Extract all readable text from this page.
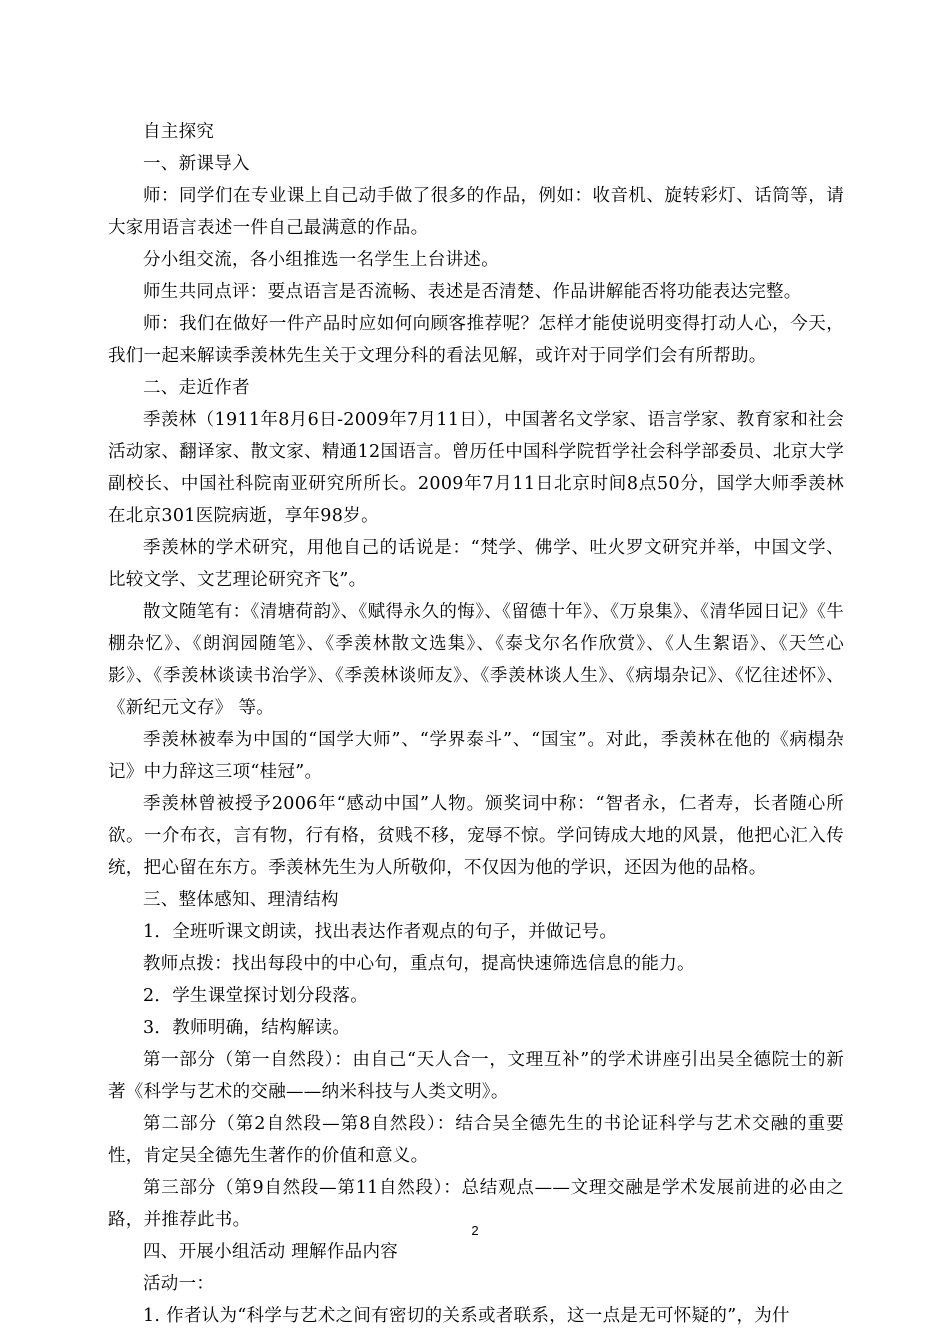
自主探究

一、新课导入

师：同学们在专业课上自己动手做了很多的作品，例如：收音机、旋转彩灯、话筒等，请大家用语言表述一件自己最满意的作品。

分小组交流，各小组推选一名学生上台讲述。

师生共同点评：要点语言是否流畅、表述是否清楚、作品讲解能否将功能表达完整。

师：我们在做好一件产品时应如何向顾客推荐呢？怎样才能使说明变得打动人心，今天，我们一起来解读季羡林先生关于文理分科的看法见解，或许对于同学们会有所帮助。

二、走近作者

季羡林（1911年8月6日-2009年7月11日），中国著名文学家、语言学家、教育家和社会活动家、翻译家、散文家、精通12国语言。曾历任中国科学院哲学社会科学部委员、北京大学副校长、中国社科院南亚研究所所长。2009年7月11日北京时间8点50分，国学大师季羡林在北京301医院病逝，享年98岁。

季羡林的学术研究，用他自己的话说是：“梵学、佛学、吐火罗文研究并举，中国文学、比较文学、文艺理论研究齐飞”。

散文随笔有：《清塘荷韵》、《赋得永久的悔》、《留德十年》、《万泉集》、《清华园日记》《牛棚杂忆》、《朗润园随笔》、《季羡林散文选集》、《泰戈尔名作欣赏》、《人生絮语》、《天竺心影》、《季羡林谈读书治学》、《季羡林谈师友》、《季羡林谈人生》、《病塌杂记》、《忆往述怀》、《新纪元文存》 等。

季羡林被奉为中国的“国学大师”、“学界泰斗”、“国宝”。对此，季羡林在他的《病榻杂记》中力辞这三项“桂冠”。

季羡林曾被授予2006年“感动中国”人物。颁奖词中称：“智者永，仁者寿，长者随心所欲。一介布衣，言有物，行有格，贫贱不移，宠辱不惊。学问铸成大地的风景，他把心汇入传统，把心留在东方。季羡林先生为人所敬仰，不仅因为他的学识，还因为他的品格。

三、整体感知、理清结构

1．全班听课文朗读，找出表达作者观点的句子，并做记号。

教师点拨：找出每段中的中心句，重点句，提高快速筛选信息的能力。

2．学生课堂探讨划分段落。

3．教师明确，结构解读。

第一部分（第一自然段）：由自己“天人合一，文理互补”的学术讲座引出吴全德院士的新著《科学与艺术的交融——纳米科技与人类文明》。

第二部分（第2自然段—第8自然段）：结合吴全德先生的书论证科学与艺术交融的重要性，肯定吴全德先生著作的价值和意义。

第三部分（第9自然段—第11自然段）：总结观点——文理交融是学术发展前进的必由之路，并推荐此书。

四、开展小组活动 理解作品内容

活动一：

1. 作者认为“科学与艺术之间有密切的关系或者联系，这一点是无可怀疑的”，为什

2
